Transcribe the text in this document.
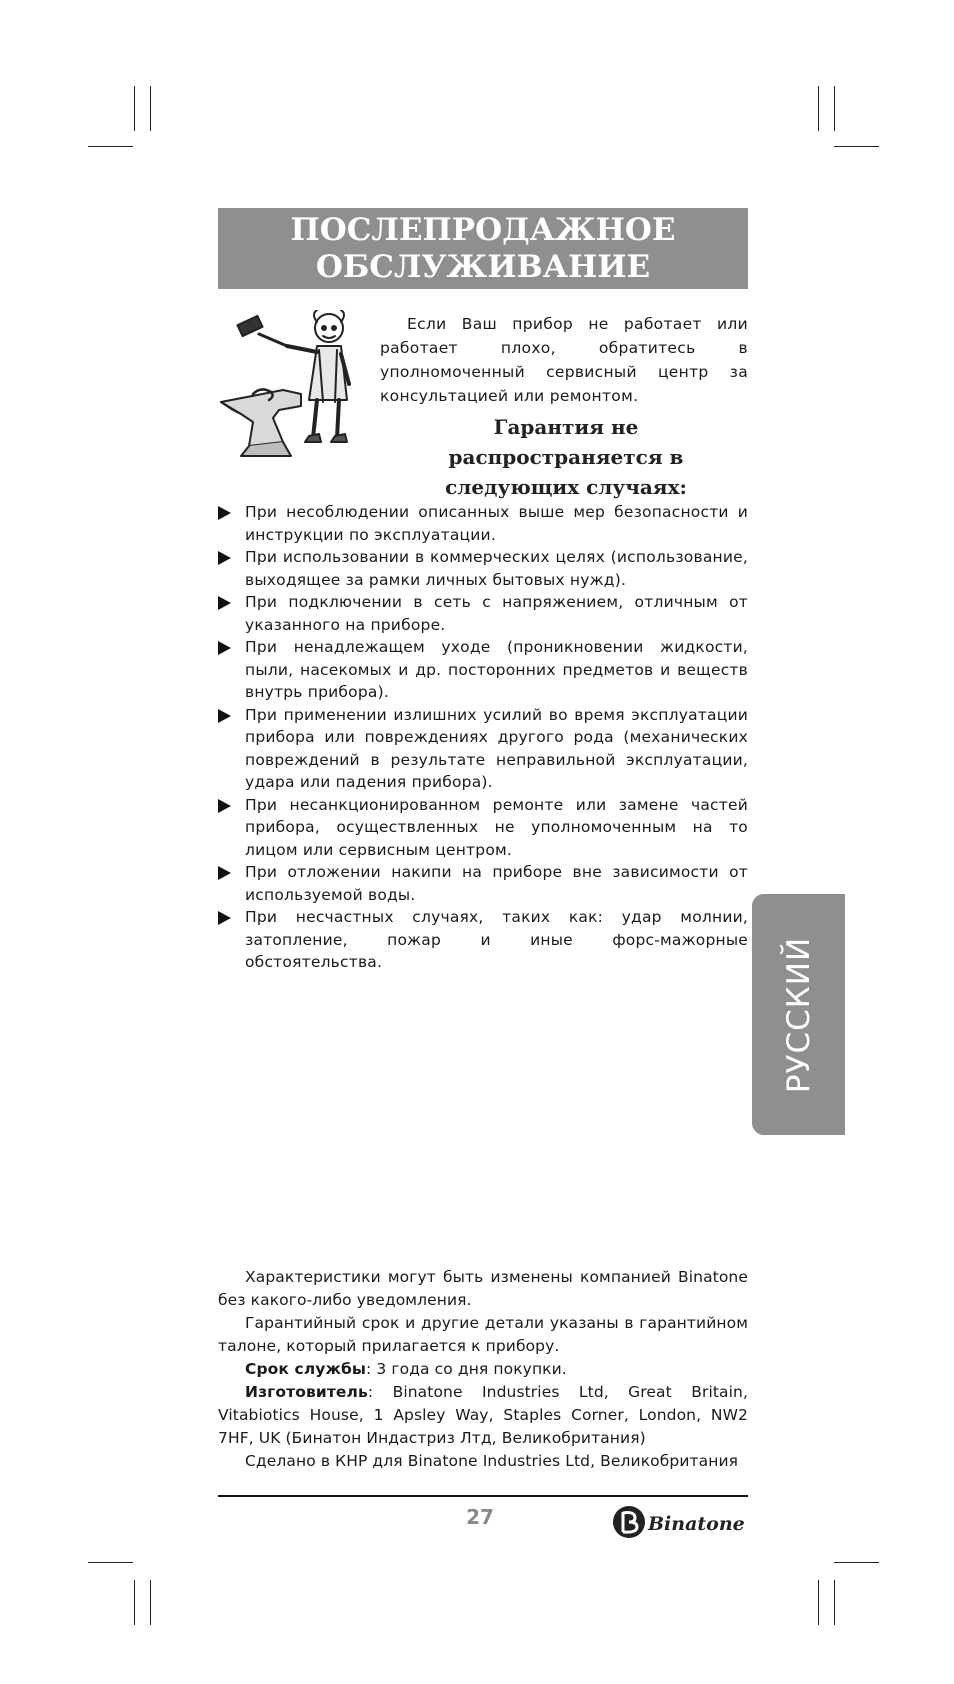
ПОСЛЕПРОДАЖНОЕ
ОБСЛУЖИВАНИЕ

Если Ваш прибор не работает или работает плохо, обратитесь в уполномоченный сервисный центр за консультацией или ремонтом.

Гарантия не распространяется в следующих случаях:

При несоблюдении описанных выше мер безопасности и инструкции по эксплуатации.
При использовании в коммерческих целях (использование, выходящее за рамки личных бытовых нужд).
При подключении в сеть с напряжением, отличным от указанного на приборе.
При ненадлежащем уходе (проникновении жидкости, пыли, насекомых и др. посторонних предметов и веществ внутрь прибора).
При применении излишних усилий во время эксплуатации прибора или повреждениях другого рода (механических повреждений в результате неправильной эксплуатации, удара или падения прибора).
При несанкционированном ремонте или замене частей прибора, осуществленных не уполномоченным на то лицом или сервисным центром.
При отложении накипи на приборе вне зависимости от используемой воды.
При несчастных случаях, таких как: удар молнии, затопление, пожар и иные форс-мажорные обстоятельства.	РУССКИЙ

Характеристики могут быть изменены компанией Binatone без какого-либо уведомления.

Гарантийный срок и другие детали указаны в гарантийном талоне, который прилагается к прибору.

Срок службы: 3 года со дня покупки.

Изготовитель: Binatone Industries Ltd, Great Britain, Vitabiotics House, 1 Apsley Way, Staples Corner, London, NW2 7HF, UK (Бинатон Индастриз Лтд, Великобритания)

Сделано в КНР для Binatone Industries Ltd, Великобритания

27	Binatone
